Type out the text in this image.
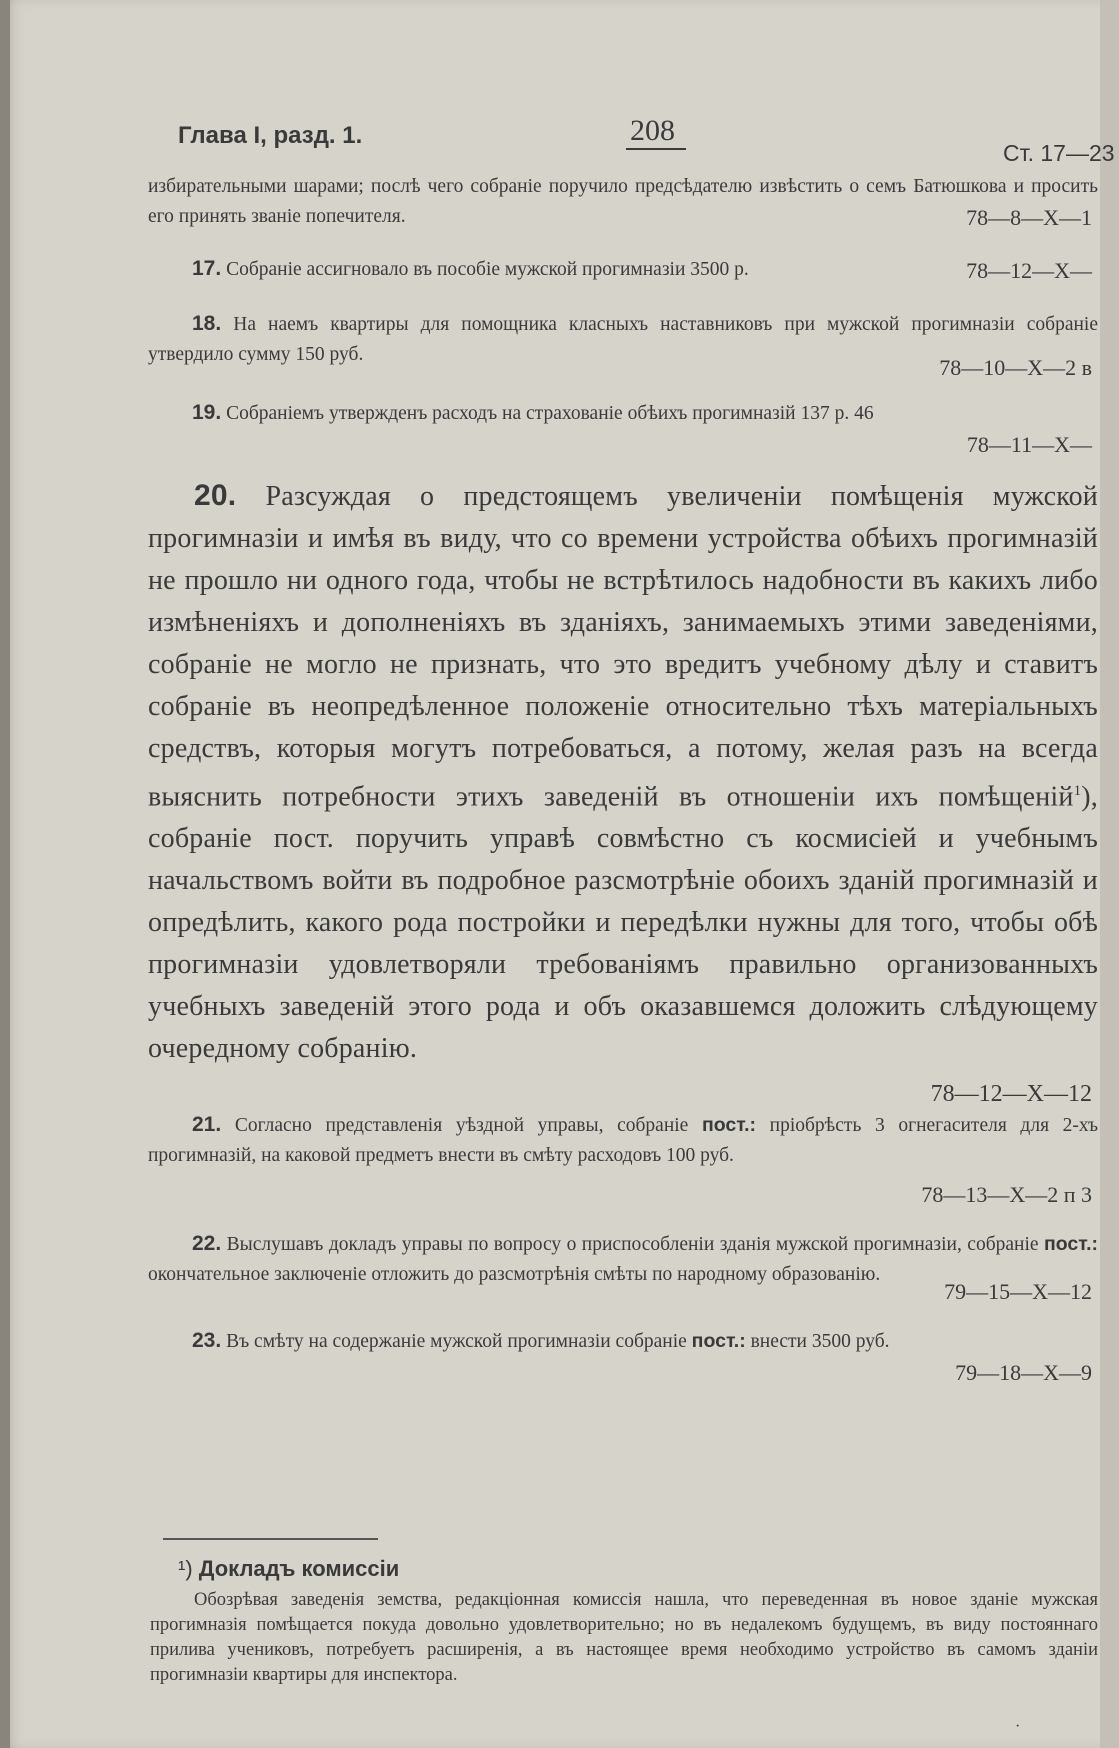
Глава I, разд. 1.	208
Ст. 17—23

избирательными шарами; послѣ чего собраніе поручило предсѣдателю извѣстить о семъ Батюшкова и просить его принять званіе попечителя.	78—8—Х—1

17. Собраніе ассигновало въ пособіе мужской прогимназіи 3500 р.	78—12—Х—

18. На наемъ квартиры для помощника класныхъ наставниковъ при мужской прогимназіи собраніе утвердило сумму 150 руб.

78—10—Х—2 в

19. Собраніемъ утвержденъ расходъ на страхованіе обѣихъ прогимназій 137 р. 46

78—11—Х—

20. Разсуждая о предстоящемъ увеличеніи помѣщенія мужской прогимназіи и имѣя въ виду, что со времени устройства обѣихъ прогимназій не прошло ни одного года, чтобы не встрѣтилось надобности въ какихъ либо измѣненіяхъ и дополненіяхъ въ зданіяхъ, занимаемыхъ этими заведеніями, собраніе не могло не признать, что это вредитъ учебному дѣлу и ставитъ собраніе въ неопредѣленное положеніе относительно тѣхъ матеріальныхъ средствъ, которыя могутъ потребоваться, а потому, желая разъ на всегда выяснить потребности этихъ заведеній въ отношеніи ихъ помѣщеній$^1$), собраніе пост. поручить управѣ совмѣстно съ космисіей и учебнымъ начальствомъ войти въ подробное разсмотрѣніе обоихъ зданій прогимназій и опредѣлить, какого рода постройки и передѣлки нужны для того, чтобы обѣ прогимназіи удовлетворяли требованіямъ правильно организованныхъ учебныхъ заведеній этого рода и объ оказавшемся доложить слѣдующему очередному собранію.

78—12—Х—12

21. Согласно представленія уѣздной управы, собраніе пост.: пріобрѣсть 3 огнегасителя для 2-хъ прогимназій, на каковой предметъ внести въ смѣту расходовъ 100 руб.

78—13—Х—2 п 3

22. Выслушавъ докладъ управы по вопросу о приспособленіи зданія мужской прогимназіи, собраніе пост.: окончательное заключеніе отложить до разсмотрѣнія смѣты по народному образованію.

79—15—Х—12

23. Въ смѣту на содержаніе мужской прогимназіи собраніе пост.: внести 3500 руб.

79—18—Х—9

¹) Докладъ комиссіи

Обозрѣвая заведенія земства, редакціонная комиссія нашла, что переведенная въ новое зданіе мужская прогимназія помѣщается покуда довольно удовлетворительно; но въ недалекомъ будущемъ, въ виду постояннаго прилива учениковъ, потребуетъ расширенія, а въ настоящее время необходимо устройство въ самомъ зданіи прогимназіи квартиры для инспектора.

·
